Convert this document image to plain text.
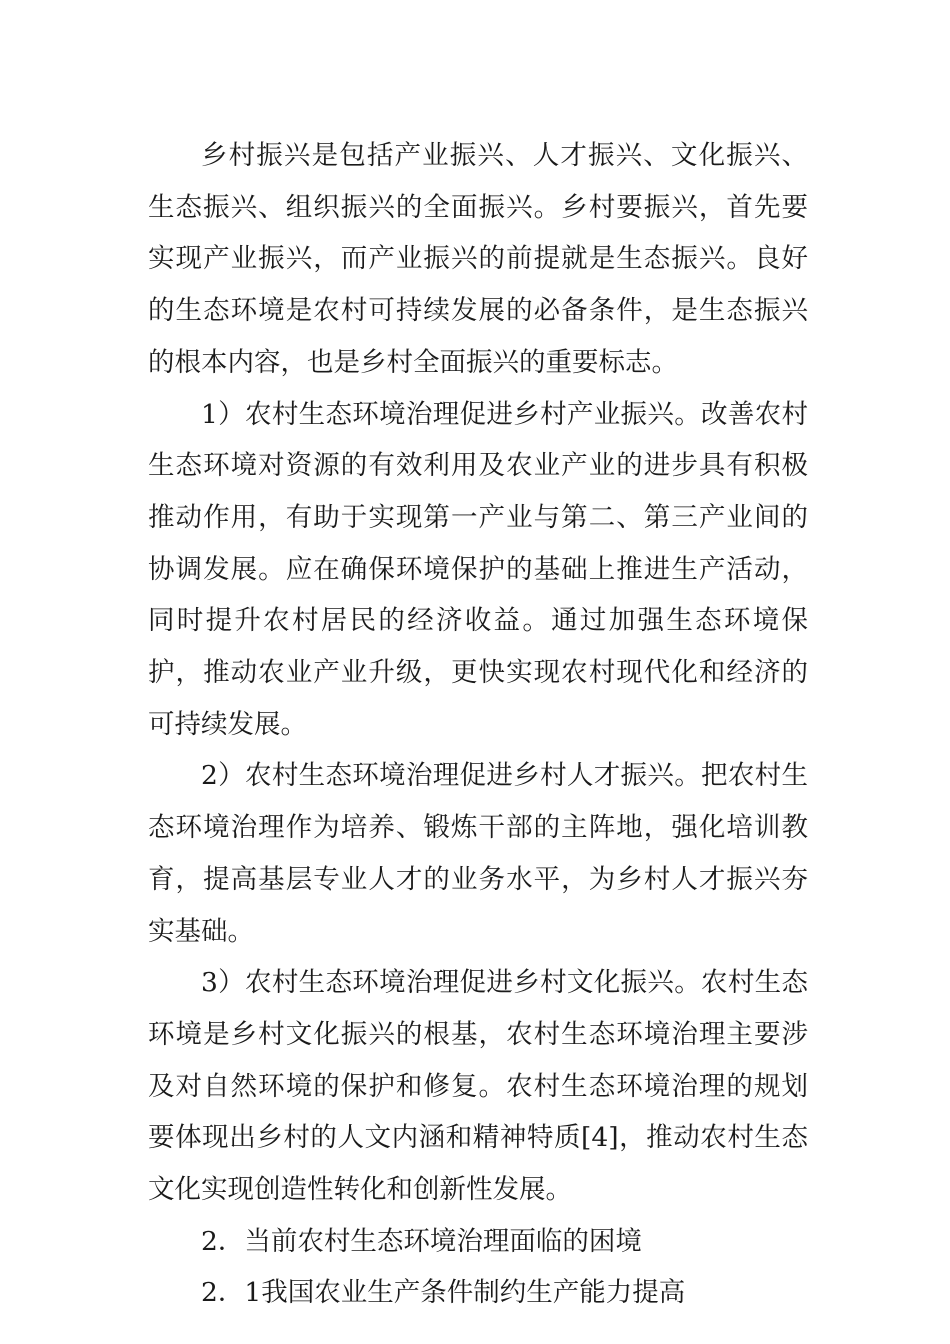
乡村振兴是包括产业振兴、人才振兴、文化振兴、生态振兴、组织振兴的全面振兴。乡村要振兴，首先要实现产业振兴，而产业振兴的前提就是生态振兴。良好的生态环境是农村可持续发展的必备条件，是生态振兴的根本内容，也是乡村全面振兴的重要标志。

1）农村生态环境治理促进乡村产业振兴。改善农村生态环境对资源的有效利用及农业产业的进步具有积极推动作用，有助于实现第一产业与第二、第三产业间的协调发展。应在确保环境保护的基础上推进生产活动，同时提升农村居民的经济收益。通过加强生态环境保护，推动农业产业升级，更快实现农村现代化和经济的可持续发展。

2）农村生态环境治理促进乡村人才振兴。把农村生态环境治理作为培养、锻炼干部的主阵地，强化培训教育，提高基层专业人才的业务水平，为乡村人才振兴夯实基础。

3）农村生态环境治理促进乡村文化振兴。农村生态环境是乡村文化振兴的根基，农村生态环境治理主要涉及对自然环境的保护和修复。农村生态环境治理的规划要体现出乡村的人文内涵和精神特质[4]，推动农村生态文化实现创造性转化和创新性发展。

2．当前农村生态环境治理面临的困境

2．1我国农业生产条件制约生产能力提高
